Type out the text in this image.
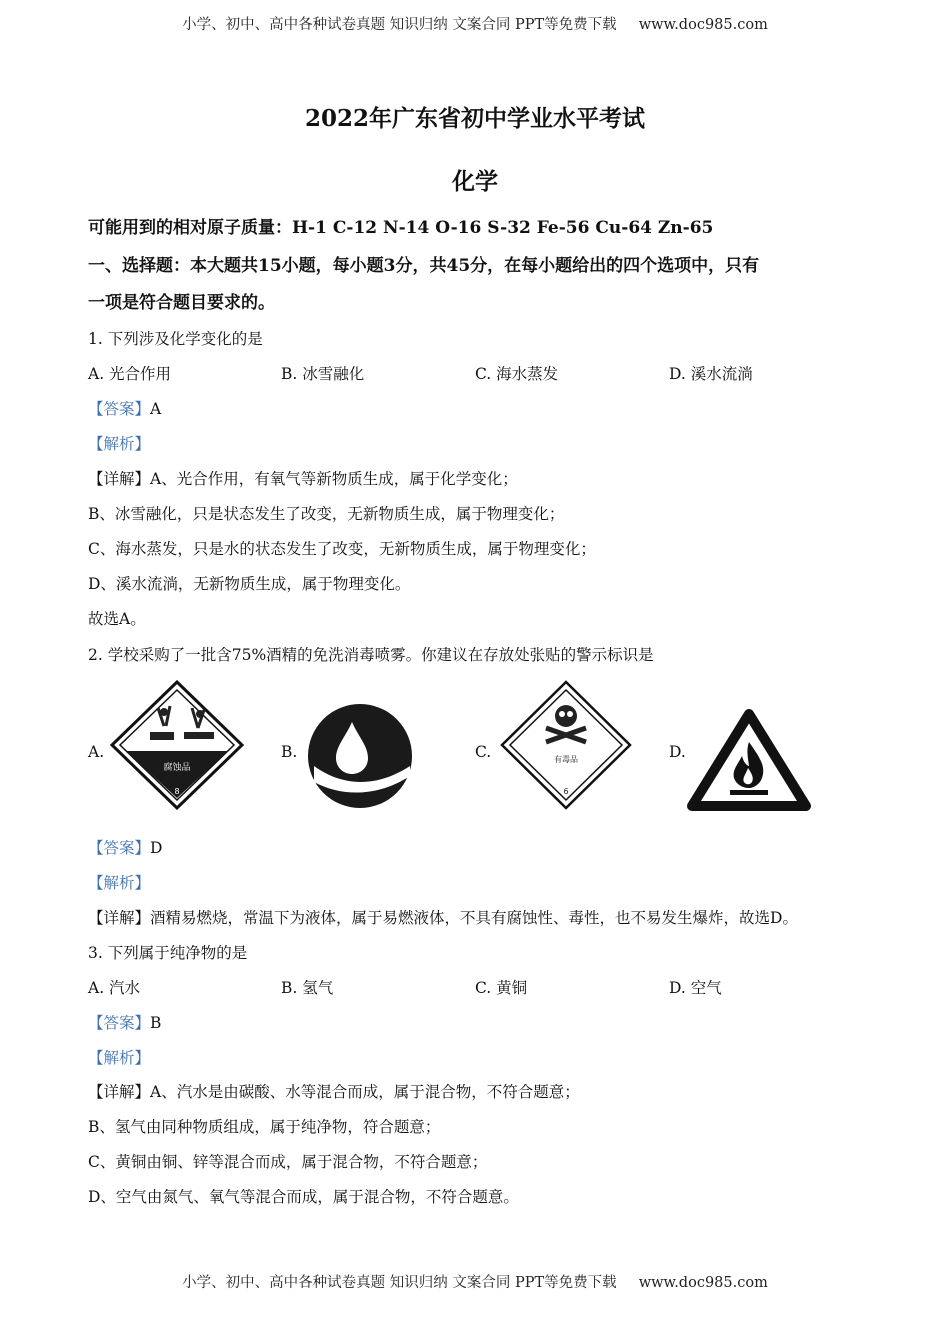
小学、初中、高中各种试卷真题 知识归纳 文案合同 PPT等免费下载 www.doc985.com
2022年广东省初中学业水平考试
化学
可能用到的相对原子质量：H-1 C-12 N-14 O-16 S-32 Fe-56 Cu-64 Zn-65
一、选择题：本大题共15小题，每小题3分，共45分，在每小题给出的四个选项中，只有
一项是符合题目要求的。
1. 下列涉及化学变化的是
A. 光合作用	B. 冰雪融化	C. 海水蒸发	D. 溪水流淌
【答案】A
【解析】
【详解】A、光合作用，有氧气等新物质生成，属于化学变化；
B、冰雪融化，只是状态发生了改变，无新物质生成，属于物理变化；
C、海水蒸发，只是水的状态发生了改变，无新物质生成，属于物理变化；
D、溪水流淌，无新物质生成，属于物理变化。
故选A。
2. 学校采购了一批含75%酒精的免洗消毒喷雾。你建议在存放处张贴的警示标识是
A.	B.	C.	D.
腐蚀品
8
有毒品
6
【答案】D
【解析】
【详解】酒精易燃烧，常温下为液体，属于易燃液体，不具有腐蚀性、毒性，也不易发生爆炸，故选D。
3. 下列属于纯净物的是
A. 汽水	B. 氢气	C. 黄铜	D. 空气
【答案】B
【解析】
【详解】A、汽水是由碳酸、水等混合而成，属于混合物，不符合题意；
B、氢气由同种物质组成，属于纯净物，符合题意；
C、黄铜由铜、锌等混合而成，属于混合物，不符合题意；
D、空气由氮气、氧气等混合而成，属于混合物，不符合题意。
小学、初中、高中各种试卷真题 知识归纳 文案合同 PPT等免费下载 www.doc985.com
